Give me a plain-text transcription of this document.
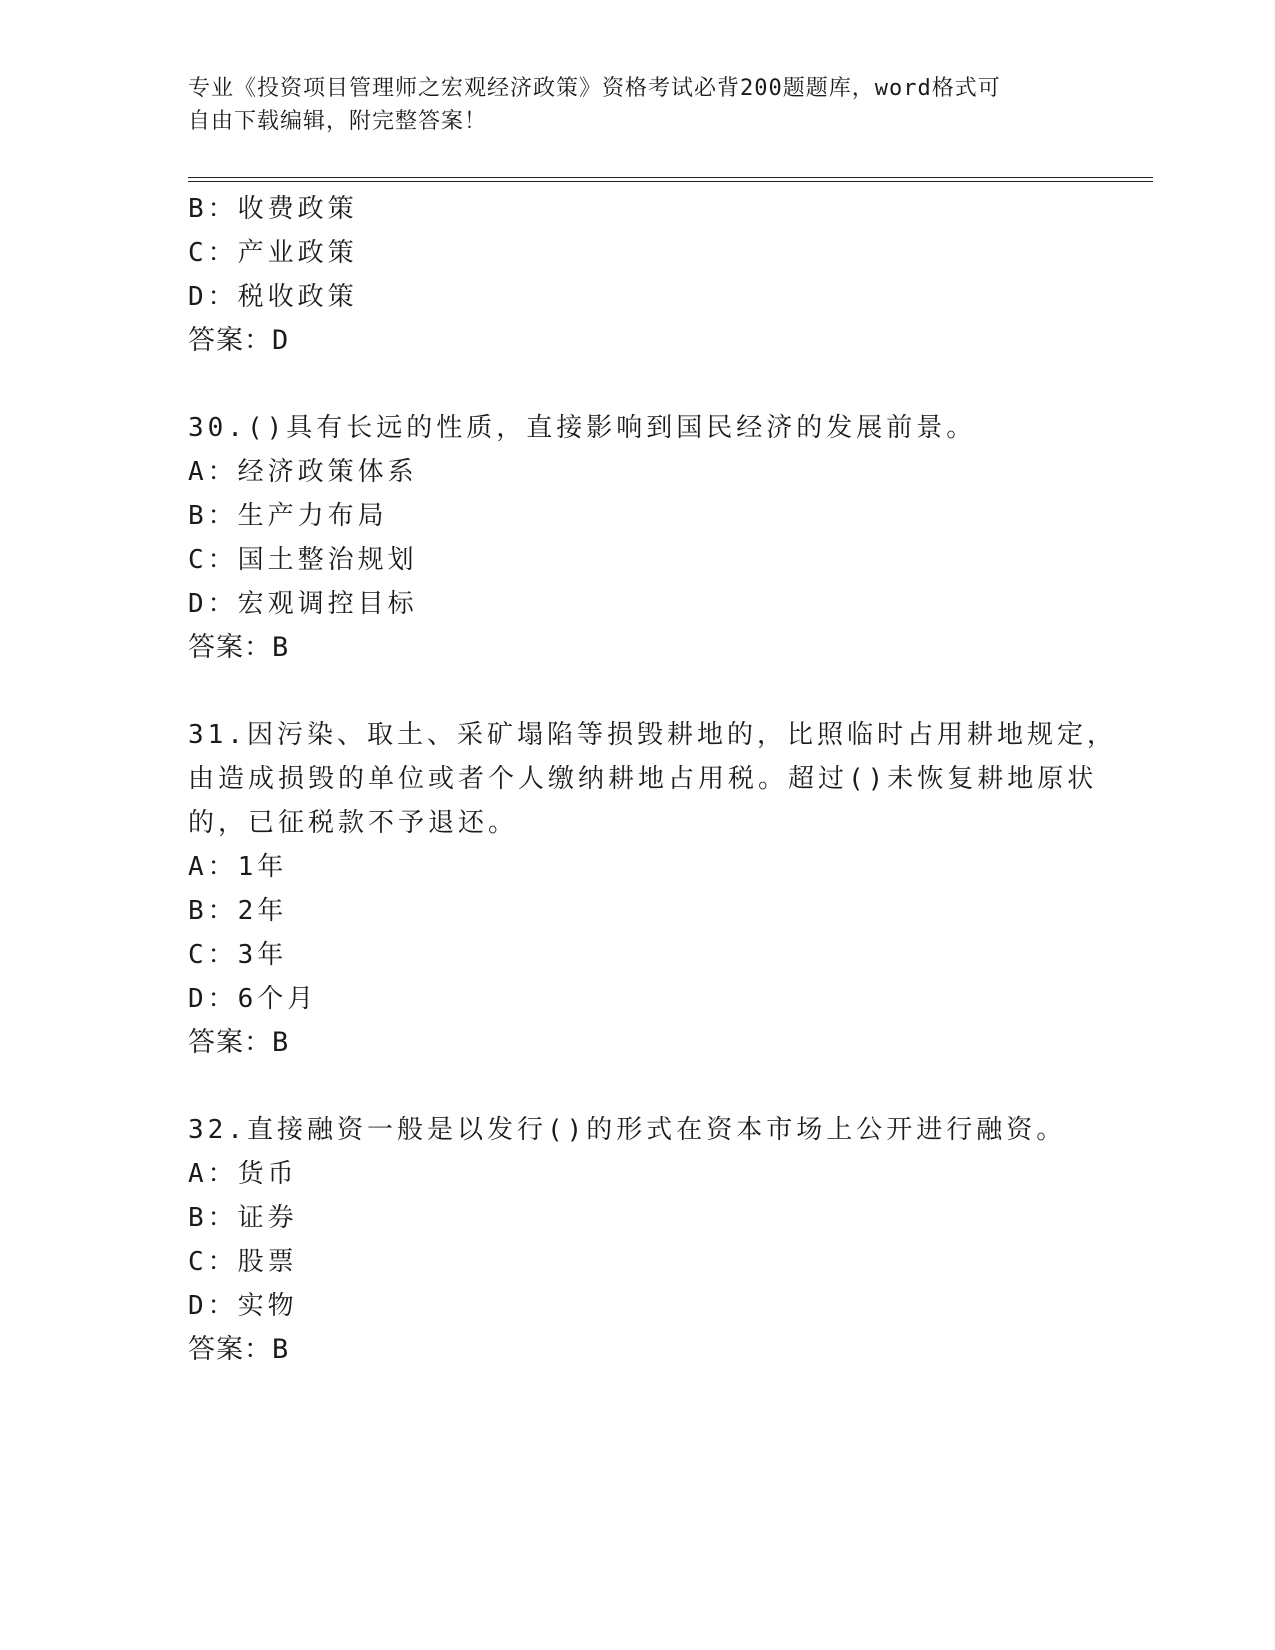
专业《投资项目管理师之宏观经济政策》资格考试必背200题题库，word格式可
自由下载编辑，附完整答案！
B：收费政策
C：产业政策
D：税收政策
答案：D
30.()具有长远的性质，直接影响到国民经济的发展前景。
A：经济政策体系
B：生产力布局
C：国土整治规划
D：宏观调控目标
答案：B
31.因污染、取土、采矿塌陷等损毁耕地的，比照临时占用耕地规定，
由造成损毁的单位或者个人缴纳耕地占用税。超过()未恢复耕地原状
的，已征税款不予退还。
A：1年
B：2年
C：3年
D：6个月
答案：B
32.直接融资一般是以发行()的形式在资本市场上公开进行融资。
A：货币
B：证券
C：股票
D：实物
答案：B
